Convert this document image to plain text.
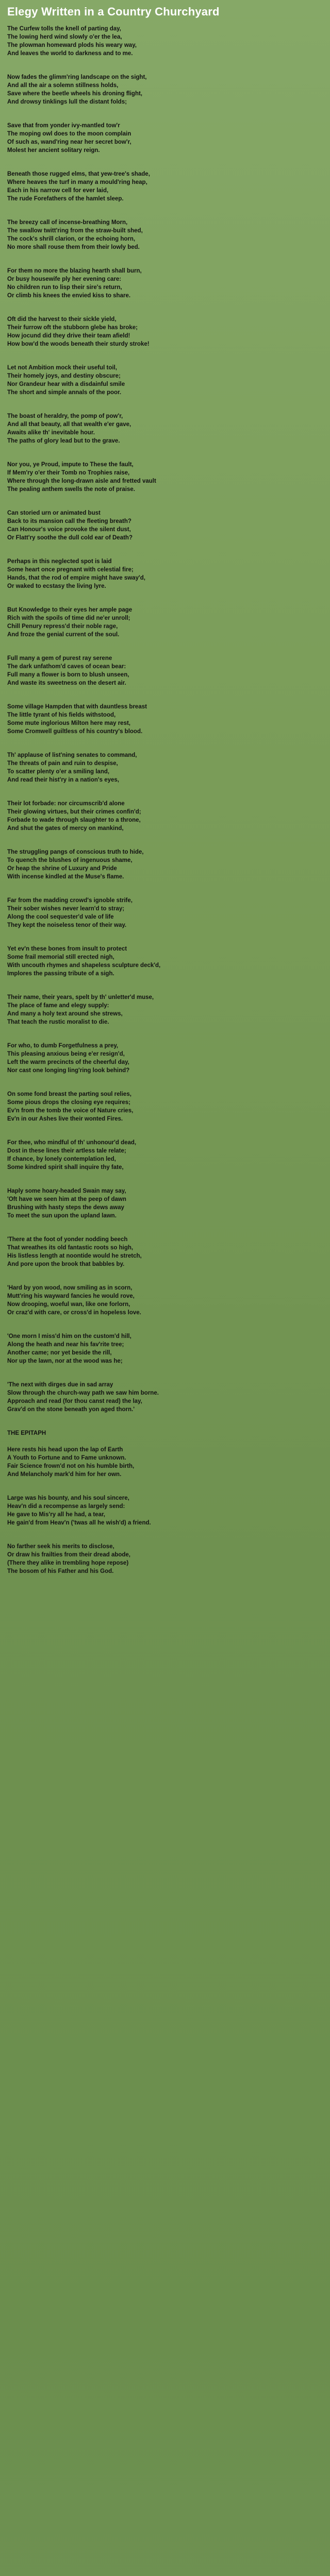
Elegy Written in a Country Churchyard
The Curfew tolls the knell of parting day,
The lowing herd wind slowly o'er the lea,
The plowman homeward plods his weary way,
And leaves the world to darkness and to me.
Now fades the glimm'ring landscape on the sight,
And all the air a solemn stillness holds,
Save where the beetle wheels his droning flight,
And drowsy tinklings lull the distant folds;
Save that from yonder ivy-mantled tow'r
The moping owl does to the moon complain
Of such as, wand'ring near her secret bow'r,
Molest her ancient solitary reign.
Beneath those rugged elms, that yew-tree's shade,
Where heaves the turf in many a mould'ring heap,
Each in his narrow cell for ever laid,
The rude Forefathers of the hamlet sleep.
The breezy call of incense-breathing Morn,
The swallow twitt'ring from the straw-built shed,
The cock's shrill clarion, or the echoing horn,
No more shall rouse them from their lowly bed.
For them no more the blazing hearth shall burn,
Or busy housewife ply her evening care:
No children run to lisp their sire's return,
Or climb his knees the envied kiss to share.
Oft did the harvest to their sickle yield,
Their furrow oft the stubborn glebe has broke;
How jocund did they drive their team afield!
How bow'd the woods beneath their sturdy stroke!
Let not Ambition mock their useful toil,
Their homely joys, and destiny obscure;
Nor Grandeur hear with a disdainful smile
The short and simple annals of the poor.
The boast of heraldry, the pomp of pow'r,
And all that beauty, all that wealth e'er gave,
Awaits alike th' inevitable hour.
The paths of glory lead but to the grave.
Nor you, ye Proud, impute to These the fault,
If Mem'ry o'er their Tomb no Trophies raise,
Where through the long-drawn aisle and fretted vault
The pealing anthem swells the note of praise.
Can storied urn or animated bust
Back to its mansion call the fleeting breath?
Can Honour's voice provoke the silent dust,
Or Flatt'ry soothe the dull cold ear of Death?
Perhaps in this neglected spot is laid
Some heart once pregnant with celestial fire;
Hands, that the rod of empire might have sway'd,
Or waked to ecstasy the living lyre.
But Knowledge to their eyes her ample page
Rich with the spoils of time did ne'er unroll;
Chill Penury repress'd their noble rage,
And froze the genial current of the soul.
Full many a gem of purest ray serene
The dark unfathom'd caves of ocean bear:
Full many a flower is born to blush unseen,
And waste its sweetness on the desert air.
Some village Hampden that with dauntless breast
The little tyrant of his fields withstood,
Some mute inglorious Milton here may rest,
Some Cromwell guiltless of his country's blood.
Th' applause of list'ning senates to command,
The threats of pain and ruin to despise,
To scatter plenty o'er a smiling land,
And read their hist'ry in a nation's eyes,
Their lot forbade: nor circumscrib'd alone
Their glowing virtues, but their crimes confin'd;
Forbade to wade through slaughter to a throne,
And shut the gates of mercy on mankind,
The struggling pangs of conscious truth to hide,
To quench the blushes of ingenuous shame,
Or heap the shrine of Luxury and Pride
With incense kindled at the Muse's flame.
Far from the madding crowd's ignoble strife,
Their sober wishes never learn'd to stray;
Along the cool sequester'd vale of life
They kept the noiseless tenor of their way.
Yet ev'n these bones from insult to protect
Some frail memorial still erected nigh,
With uncouth rhymes and shapeless sculpture deck'd,
Implores the passing tribute of a sigh.
Their name, their years, spelt by th' unletter'd muse,
The place of fame and elegy supply:
And many a holy text around she strews,
That teach the rustic moralist to die.
For who, to dumb Forgetfulness a prey,
This pleasing anxious being e'er resign'd,
Left the warm precincts of the cheerful day,
Nor cast one longing ling'ring look behind?
On some fond breast the parting soul relies,
Some pious drops the closing eye requires;
Ev'n from the tomb the voice of Nature cries,
Ev'n in our Ashes live their wonted Fires.
For thee, who mindful of th' unhonour'd dead,
Dost in these lines their artless tale relate;
If chance, by lonely contemplation led,
Some kindred spirit shall inquire thy fate,
Haply some hoary-headed Swain may say,
'Oft have we seen him at the peep of dawn
Brushing with hasty steps the dews away
To meet the sun upon the upland lawn.
'There at the foot of yonder nodding beech
That wreathes its old fantastic roots so high,
His listless length at noontide would he stretch,
And pore upon the brook that babbles by.
'Hard by yon wood, now smiling as in scorn,
Mutt'ring his wayward fancies he would rove,
Now drooping, woeful wan, like one forlorn,
Or craz'd with care, or cross'd in hopeless love.
'One morn I miss'd him on the custom'd hill,
Along the heath and near his fav'rite tree;
Another came; nor yet beside the rill,
Nor up the lawn, nor at the wood was he;
'The next with dirges due in sad array
Slow through the church-way path we saw him borne.
Approach and read (for thou canst read) the lay,
Grav'd on the stone beneath yon aged thorn.'
THE EPITAPH
Here rests his head upon the lap of Earth
A Youth to Fortune and to Fame unknown.
Fair Science frown'd not on his humble birth,
And Melancholy mark'd him for her own.
Large was his bounty, and his soul sincere,
Heav'n did a recompense as largely send:
He gave to Mis'ry all he had, a tear,
He gain'd from Heav'n ('twas all he wish'd) a friend.
No farther seek his merits to disclose,
Or draw his frailties from their dread abode,
(There they alike in trembling hope repose)
The bosom of his Father and his God.
